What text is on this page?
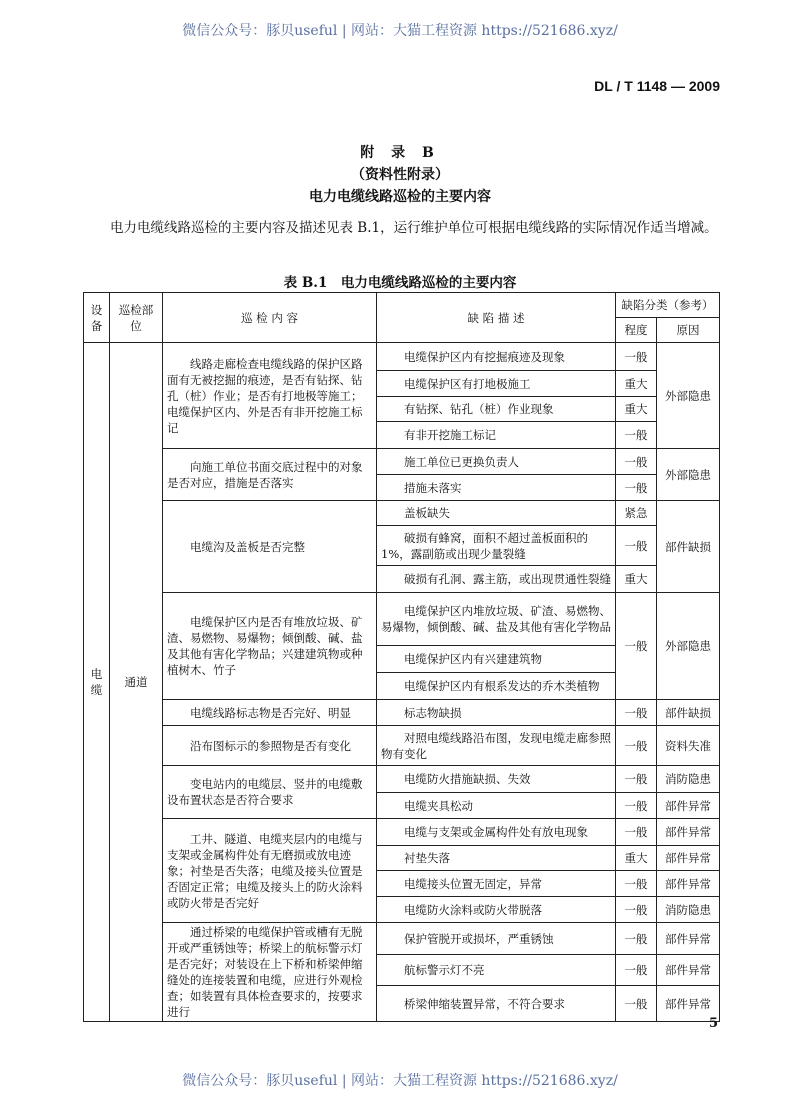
微信公众号：豚贝useful | 网站：大猫工程资源 https://521686.xyz/
DL / T 1148 — 2009
附 录 B
（资料性附录）
电力电缆线路巡检的主要内容
电力电缆线路巡检的主要内容及描述见表 B.1，运行维护单位可根据电缆线路的实际情况作适当增减。
表 B.1　电力电缆线路巡检的主要内容
设备	巡检部位	巡 检 内 容	缺 陷 描 述	缺陷分类（参考）	
				程度	原因
电缆	通道	线路走廊检查电缆线路的保护区路面有无被挖掘的痕迹，是否有钻探、钻孔（桩）作业；是否有打地极等施工；电缆保护区内、外是否有非开挖施工标记	电缆保护区内有挖掘痕迹及现象	一般	外部隐患
			电缆保护区有打地极施工	重大	
			有钻探、钻孔（桩）作业现象	重大	
			有非开挖施工标记	一般	
		向施工单位书面交底过程中的对象是否对应，措施是否落实	施工单位已更换负责人	一般	外部隐患
			措施未落实	一般	
		电缆沟及盖板是否完整	盖板缺失	紧急	部件缺损
			破损有蜂窝，面积不超过盖板面积的 1%，露副筋或出现少量裂缝	一般	
			破损有孔洞、露主筋，或出现贯通性裂缝	重大	
		电缆保护区内是否有堆放垃圾、矿渣、易燃物、易爆物；倾倒酸、碱、盐及其他有害化学物品；兴建建筑物或种植树木、竹子	电缆保护区内堆放垃圾、矿渣、易燃物、易爆物，倾倒酸、碱、盐及其他有害化学物品	一般	外部隐患
			电缆保护区内有兴建建筑物		
			电缆保护区内有根系发达的乔木类植物		
		电缆线路标志物是否完好、明显	标志物缺损	一般	部件缺损
		沿布图标示的参照物是否有变化	对照电缆线路沿布图，发现电缆走廊参照物有变化	一般	资料失准
		变电站内的电缆层、竖井的电缆敷设布置状态是否符合要求	电缆防火措施缺损、失效	一般	消防隐患
			电缆夹具松动	一般	部件异常
		工井、隧道、电缆夹层内的电缆与支架或金属构件处有无磨损或放电迹象；衬垫是否失落；电缆及接头位置是否固定正常；电缆及接头上的防火涂料或防火带是否完好	电缆与支架或金属构件处有放电现象	一般	部件异常
			衬垫失落	重大	部件异常
			电缆接头位置无固定，异常	一般	部件异常
			电缆防火涂料或防火带脱落	一般	消防隐患
		通过桥梁的电缆保护管或槽有无脱开或严重锈蚀等；桥梁上的航标警示灯是否完好；对装设在上下桥和桥梁伸缩缝处的连接装置和电缆，应进行外观检查；如装置有具体检查要求的，按要求进行	保护管脱开或损坏，严重锈蚀	一般	部件异常
			航标警示灯不亮	一般	部件异常
			桥梁伸缩装置异常，不符合要求	一般	部件异常
5
微信公众号：豚贝useful | 网站：大猫工程资源 https://521686.xyz/
